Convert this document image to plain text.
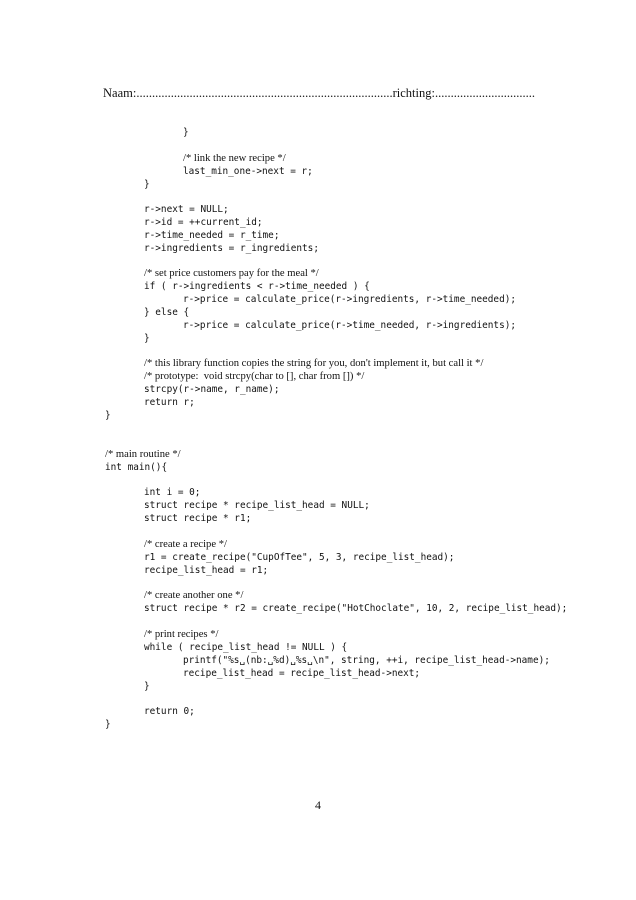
Naam:..................................................................................richting:................................

}

/* link the new recipe */

last_min_one->next = r;

}

r->next = NULL;

r->id = ++current_id;

r->time_needed = r_time;

r->ingredients = r_ingredients;

/* set price customers pay for the meal */

if ( r->ingredients < r->time_needed ) {

r->price = calculate_price(r->ingredients, r->time_needed);

} else {

r->price = calculate_price(r->time_needed, r->ingredients);

}

/* this library function copies the string for you, don't implement it, but call it */

/* prototype:  void strcpy(char to [], char from []) */

strcpy(r->name, r_name);

return r;

}

/* main routine */

int main(){

int i = 0;

struct recipe * recipe_list_head = NULL;

struct recipe * r1;

/* create a recipe */

r1 = create_recipe("CupOfTee", 5, 3, recipe_list_head);

recipe_list_head = r1;

/* create another one */

struct recipe * r2 = create_recipe("HotChoclate", 10, 2, recipe_list_head);

/* print recipes */

while ( recipe_list_head != NULL ) {

printf("%s␣(nb:␣%d)␣%s␣\n", string, ++i, recipe_list_head->name);

recipe_list_head = recipe_list_head->next;

}

return 0;

}

4
